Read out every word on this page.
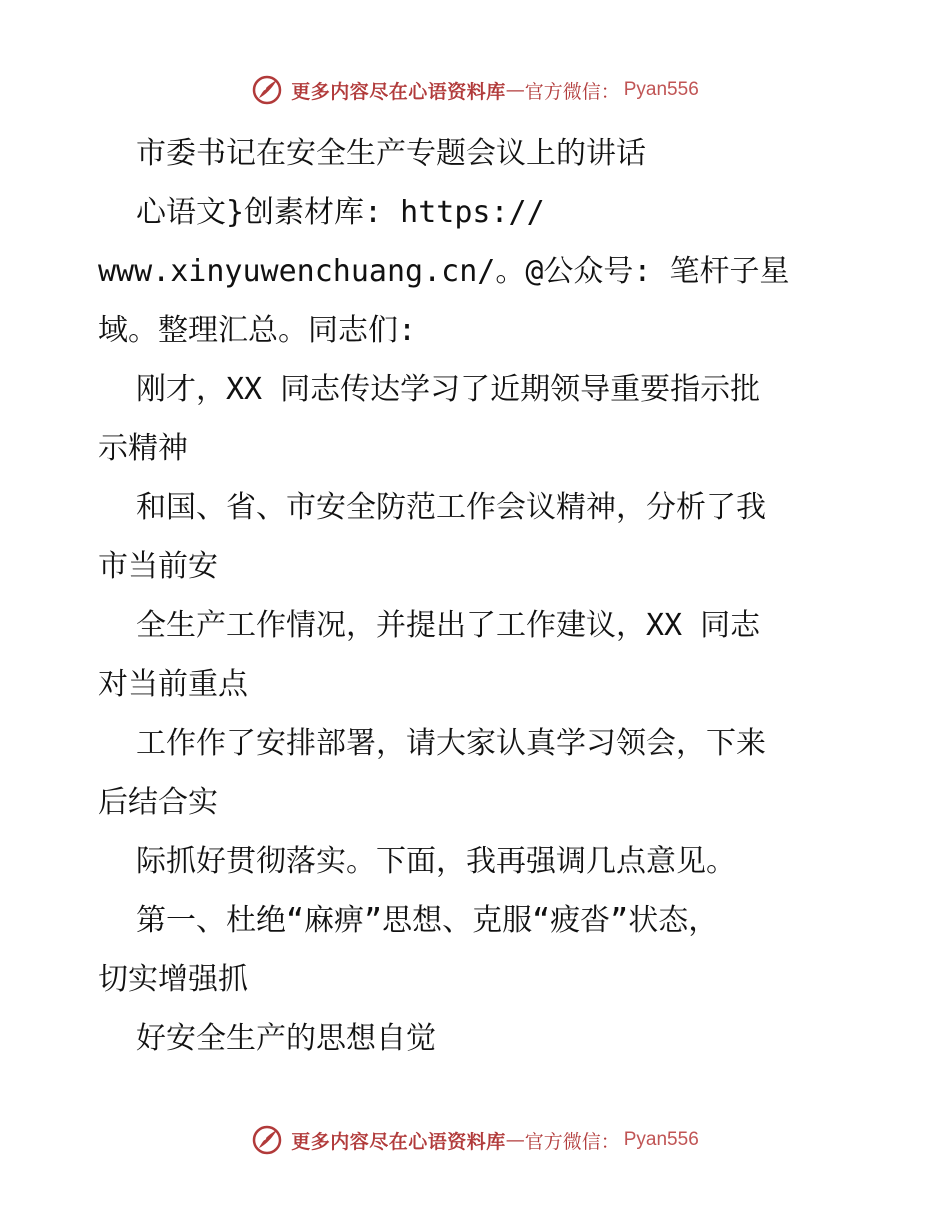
更多内容尽在心语资料库 — 官方微信： Pyan556
市委书记在安全生产专题会议上的讲话
心语文}创素材库: https://
www.xinyuwenchuang.cn/。@公众号: 笔杆子星
域。整理汇总。同志们:
刚才，XX 同志传达学习了近期领导重要指示批
示精神
和国、省、市安全防范工作会议精神，分析了我
市当前安
全生产工作情况，并提出了工作建议，XX 同志
对当前重点
工作作了安排部署，请大家认真学习领会，下来
后结合实
际抓好贯彻落实。下面，我再强调几点意见。
第一、杜绝“麻痹”思想、克服“疲沓”状态，
切实增强抓
好安全生产的思想自觉
更多内容尽在心语资料库 — 官方微信： Pyan556
